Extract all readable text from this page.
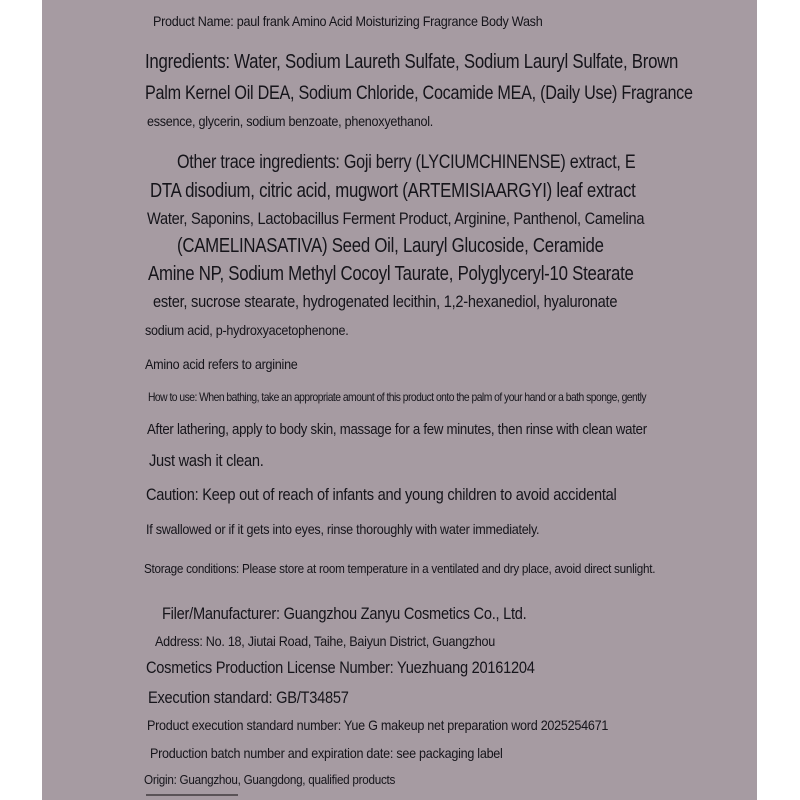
Product Name: paul frank Amino Acid Moisturizing Fragrance Body Wash
Ingredients: Water, Sodium Laureth Sulfate, Sodium Lauryl Sulfate, Brown
Palm Kernel Oil DEA, Sodium Chloride, Cocamide MEA, (Daily Use) Fragrance
essence, glycerin, sodium benzoate, phenoxyethanol.
Other trace ingredients: Goji berry (LYCIUMCHINENSE) extract, E
DTA disodium, citric acid, mugwort (ARTEMISIAARGYI) leaf extract
Water, Saponins, Lactobacillus Ferment Product, Arginine, Panthenol, Camelina
(CAMELINASATIVA) Seed Oil, Lauryl Glucoside, Ceramide
Amine NP, Sodium Methyl Cocoyl Taurate, Polyglyceryl-10 Stearate
ester, sucrose stearate, hydrogenated lecithin, 1,2-hexanediol, hyaluronate
sodium acid, p-hydroxyacetophenone.
Amino acid refers to arginine
How to use: When bathing, take an appropriate amount of this product onto the palm of your hand or a bath sponge, gently
After lathering, apply to body skin, massage for a few minutes, then rinse with clean water
Just wash it clean.
Caution: Keep out of reach of infants and young children to avoid accidental
If swallowed or if it gets into eyes, rinse thoroughly with water immediately.
Storage conditions: Please store at room temperature in a ventilated and dry place, avoid direct sunlight.
Filer/Manufacturer: Guangzhou Zanyu Cosmetics Co., Ltd.
Address: No. 18, Jiutai Road, Taihe, Baiyun District, Guangzhou
Cosmetics Production License Number: Yuezhuang 20161204
Execution standard: GB/T34857
Product execution standard number: Yue G makeup net preparation word 2025254671
Production batch number and expiration date: see packaging label
Origin: Guangzhou, Guangdong, qualified products
